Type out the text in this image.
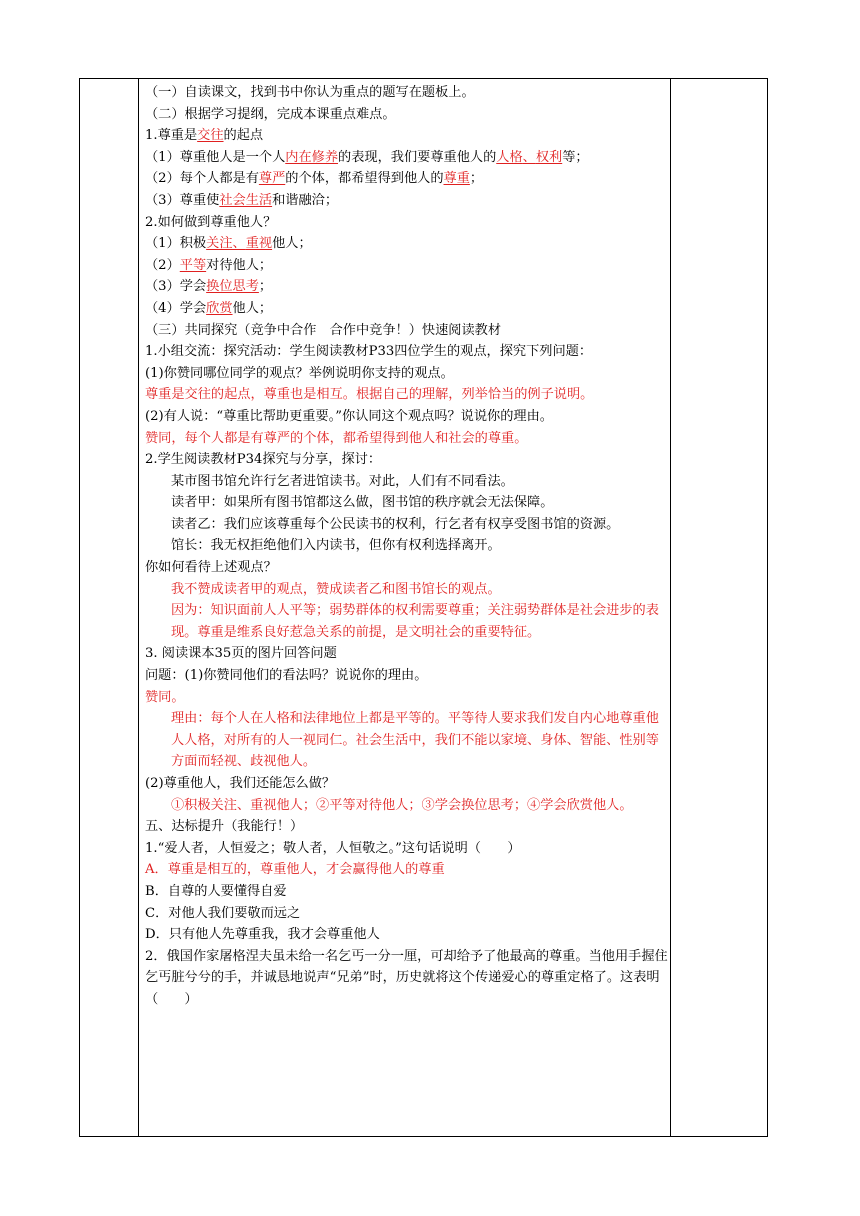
（一）自读课文，找到书中你认为重点的题写在题板上。
（二）根据学习提纲，完成本课重点难点。
1.尊重是交往的起点
（1）尊重他人是一个人内在修养的表现，我们要尊重他人的人格、权利等；
（2）每个人都是有尊严的个体，都希望得到他人的尊重；
（3）尊重使社会生活和谐融洽；
2.如何做到尊重他人？
（1）积极关注、重视他人；
（2）平等对待他人；
（3）学会换位思考；
（4）学会欣赏他人；
（三）共同探究（竞争中合作　合作中竞争！）快速阅读教材
1.小组交流：探究活动：学生阅读教材P33四位学生的观点，探究下列问题：
(1)你赞同哪位同学的观点？举例说明你支持的观点。
尊重是交往的起点，尊重也是相互。根据自己的理解，列举恰当的例子说明。
(2)有人说：“尊重比帮助更重要。”你认同这个观点吗？说说你的理由。
赞同，每个人都是有尊严的个体，都希望得到他人和社会的尊重。
2.学生阅读教材P34探究与分享，探讨：
某市图书馆允许行乞者进馆读书。对此，人们有不同看法。
读者甲：如果所有图书馆都这么做，图书馆的秩序就会无法保障。
读者乙：我们应该尊重每个公民读书的权利，行乞者有权享受图书馆的资源。
馆长：我无权拒绝他们入内读书，但你有权利选择离开。
你如何看待上述观点？
我不赞成读者甲的观点，赞成读者乙和图书馆长的观点。
因为：知识面前人人平等；弱势群体的权利需要尊重；关注弱势群体是社会进步的表现。尊重是维系良好惹急关系的前提，是文明社会的重要特征。
3. 阅读课本35页的图片回答问题
问题：(1)你赞同他们的看法吗？说说你的理由。
赞同。
理由：每个人在人格和法律地位上都是平等的。平等待人要求我们发自内心地尊重他人人格，对所有的人一视同仁。社会生活中，我们不能以家境、身体、智能、性别等方面而轻视、歧视他人。
(2)尊重他人，我们还能怎么做？
①积极关注、重视他人；②平等对待他人；③学会换位思考；④学会欣赏他人。
五、达标提升（我能行！）
1.“爱人者，人恒爱之；敬人者，人恒敬之。”这句话说明（　　）
A．尊重是相互的，尊重他人，才会赢得他人的尊重
B．自尊的人要懂得自爱
C．对他人我们要敬而远之
D．只有他人先尊重我，我才会尊重他人
2．俄国作家屠格涅夫虽未给一名乞丐一分一厘，可却给予了他最高的尊重。当他用手握住乞丐脏兮兮的手，并诚恳地说声“兄弟”时，历史就将这个传递爱心的尊重定格了。这表明（　　）
